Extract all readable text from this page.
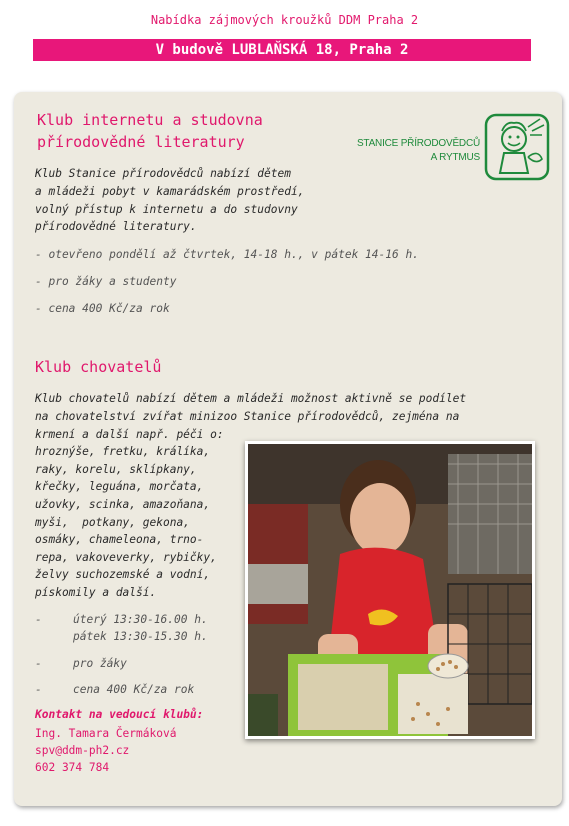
Nabídka zájmových kroužků DDM Praha 2
V budově LUBLAŇSKÁ 18, Praha 2
Klub internetu a studovna
přírodovědné literatury
Klub Stanice přírodovědců nabízí dětem
a mládeži pobyt v kamarádském prostředí,
volný přístup k internetu a do studovny
přírodovědné literatury.
- otevřeno pondělí až čtvrtek, 14-18 h., v pátek 14-16 h.
- pro žáky a studenty
- cena 400 Kč/za rok
STANICE PŘÍRODOVĚDCŮ
A RYTMUS
Klub chovatelů
Klub chovatelů nabízí dětem a mládeži možnost aktivně se podílet
na chovatelství zvířat minizoo Stanice přírodovědců, zejména na
krmení a další např. péči o:
hroznýše, fretku, králíka,
raky, korelu, sklípkany,
křečky, leguána, morčata,
užovky, scinka, amazoňana,
myši,  potkany, gekona,
osmáky, chameleona, trno-
repa, vakoveverky, rybičky,
želvy suchozemské a vodní,
pískomily a další.
-	úterý 13:30-16.00 h.
pátek 13:30-15.30 h.
-	pro žáky
-	cena 400 Kč/za rok
Kontakt na vedoucí klubů:
Ing. Tamara Čermáková
spv@ddm-ph2.cz
602 374 784
